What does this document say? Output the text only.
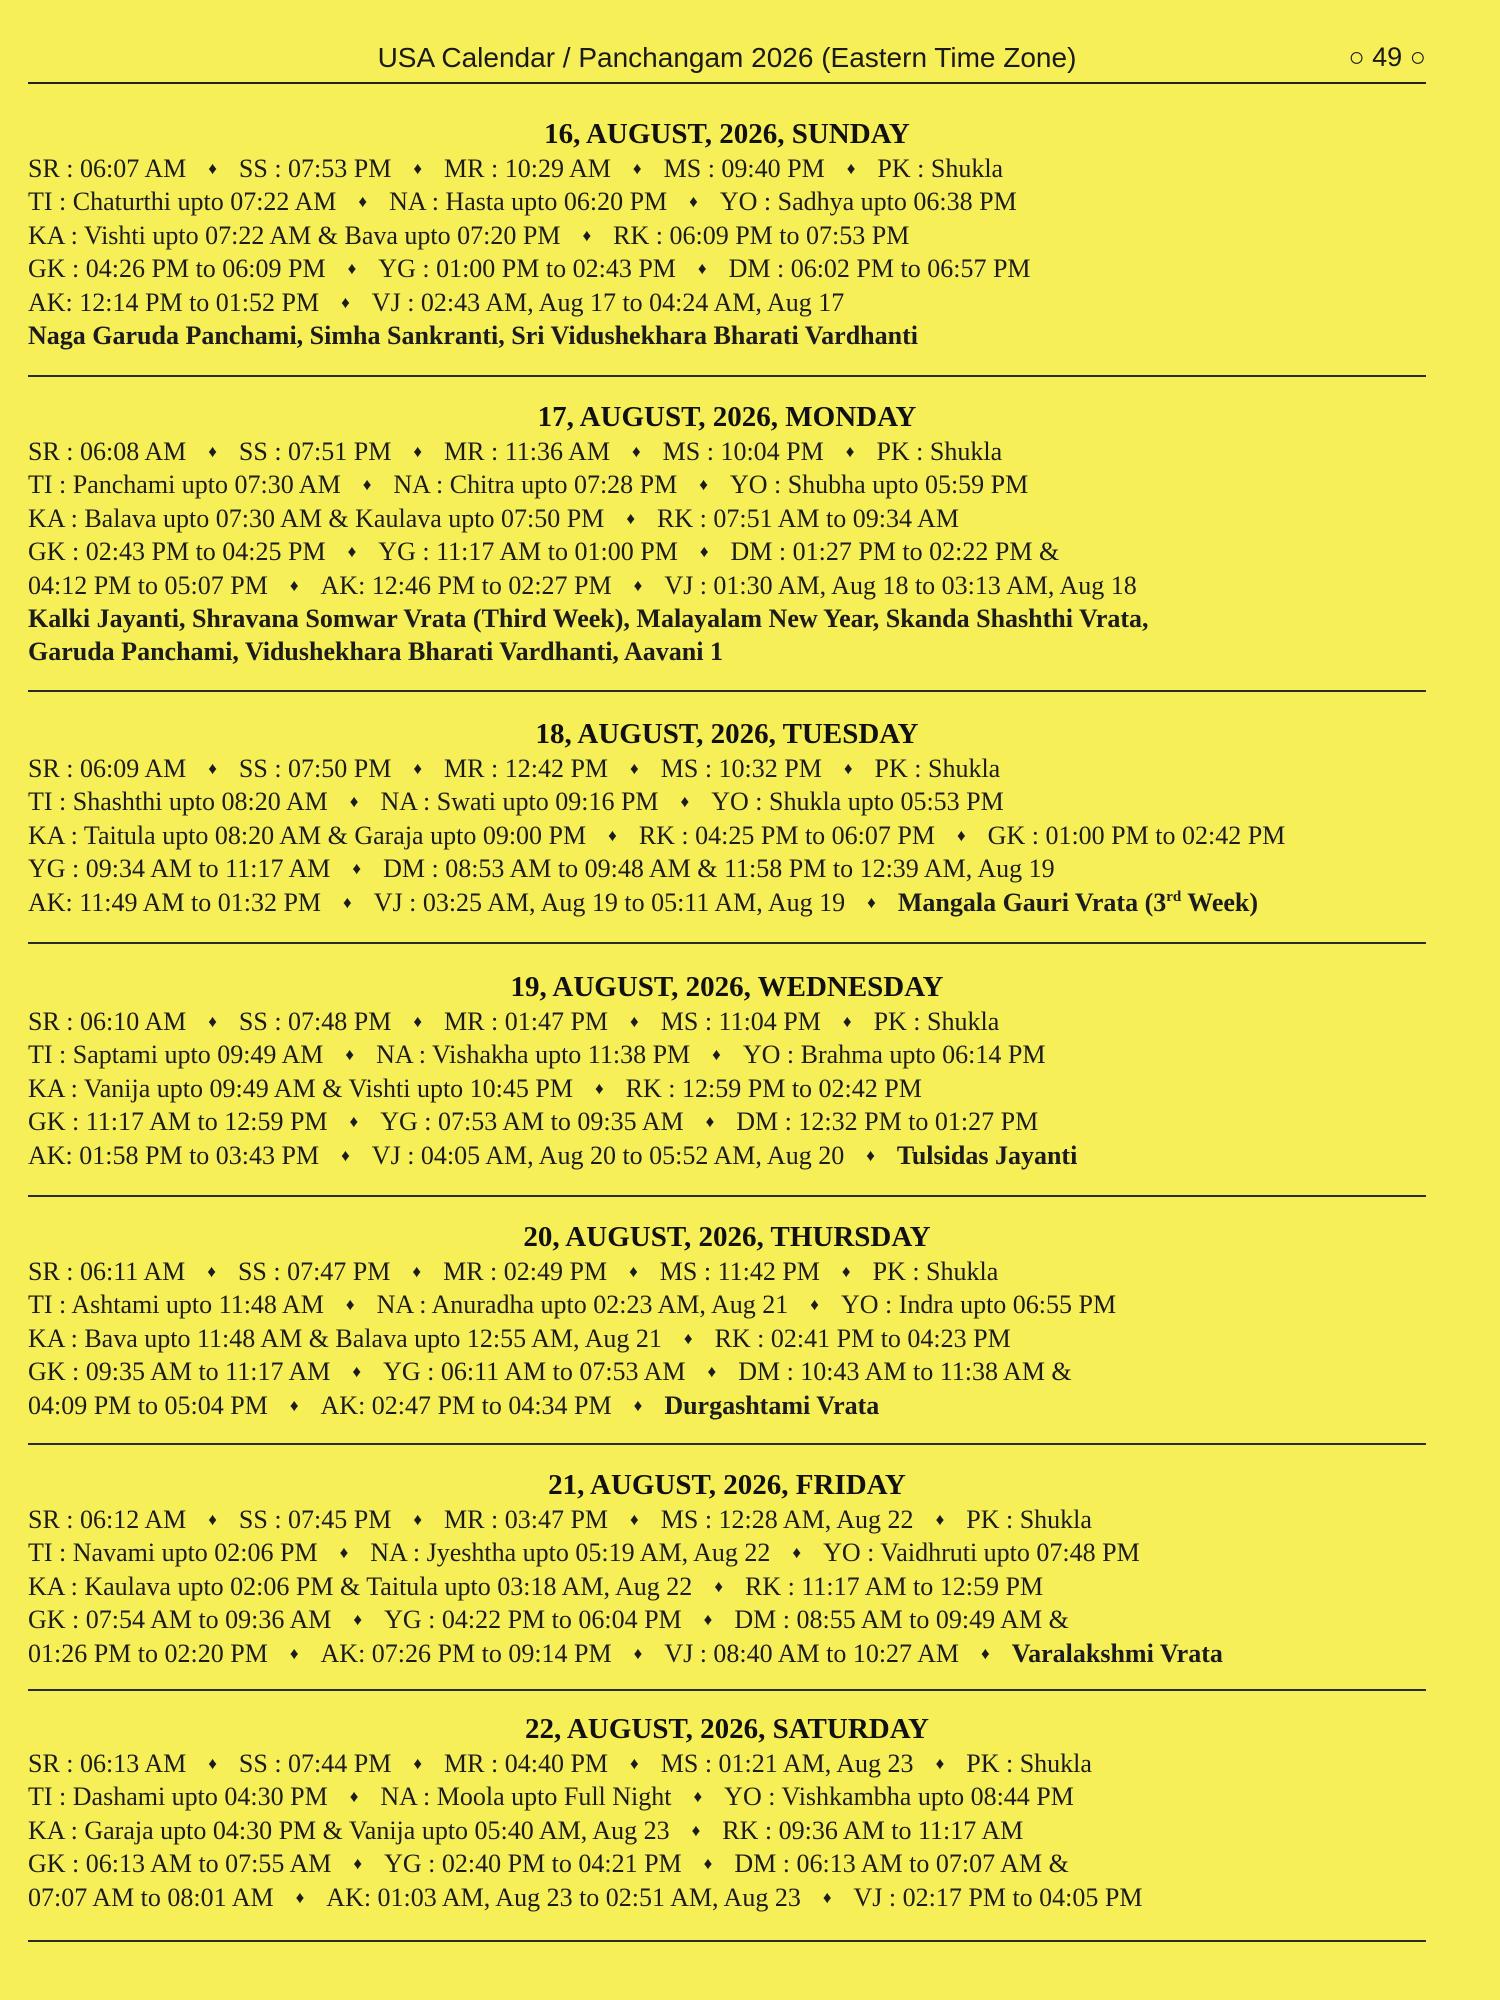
USA Calendar / Panchangam 2026 (Eastern Time Zone)	○ 49 ○
16, AUGUST, 2026, SUNDAY
SR : 06:07 AM ♦ SS : 07:53 PM ♦ MR : 10:29 AM ♦ MS : 09:40 PM ♦ PK : Shukla
TI : Chaturthi upto 07:22 AM ♦ NA : Hasta upto 06:20 PM ♦ YO : Sadhya upto 06:38 PM
KA : Vishti upto 07:22 AM & Bava upto 07:20 PM ♦ RK : 06:09 PM to 07:53 PM
GK : 04:26 PM to 06:09 PM ♦ YG : 01:00 PM to 02:43 PM ♦ DM : 06:02 PM to 06:57 PM
AK: 12:14 PM to 01:52 PM ♦ VJ : 02:43 AM, Aug 17 to 04:24 AM, Aug 17
Naga Garuda Panchami, Simha Sankranti, Sri Vidushekhara Bharati Vardhanti
17, AUGUST, 2026, MONDAY
SR : 06:08 AM ♦ SS : 07:51 PM ♦ MR : 11:36 AM ♦ MS : 10:04 PM ♦ PK : Shukla
TI : Panchami upto 07:30 AM ♦ NA : Chitra upto 07:28 PM ♦ YO : Shubha upto 05:59 PM
KA : Balava upto 07:30 AM & Kaulava upto 07:50 PM ♦ RK : 07:51 AM to 09:34 AM
GK : 02:43 PM to 04:25 PM ♦ YG : 11:17 AM to 01:00 PM ♦ DM : 01:27 PM to 02:22 PM &
04:12 PM to 05:07 PM ♦ AK: 12:46 PM to 02:27 PM ♦ VJ : 01:30 AM, Aug 18 to 03:13 AM, Aug 18
Kalki Jayanti, Shravana Somwar Vrata (Third Week), Malayalam New Year, Skanda Shashthi Vrata,
Garuda Panchami, Vidushekhara Bharati Vardhanti, Aavani 1
18, AUGUST, 2026, TUESDAY
SR : 06:09 AM ♦ SS : 07:50 PM ♦ MR : 12:42 PM ♦ MS : 10:32 PM ♦ PK : Shukla
TI : Shashthi upto 08:20 AM ♦ NA : Swati upto 09:16 PM ♦ YO : Shukla upto 05:53 PM
KA : Taitula upto 08:20 AM & Garaja upto 09:00 PM ♦ RK : 04:25 PM to 06:07 PM ♦ GK : 01:00 PM to 02:42 PM
YG : 09:34 AM to 11:17 AM ♦ DM : 08:53 AM to 09:48 AM & 11:58 PM to 12:39 AM, Aug 19
AK: 11:49 AM to 01:32 PM ♦ VJ : 03:25 AM, Aug 19 to 05:11 AM, Aug 19 ♦ Mangala Gauri Vrata (3rd Week)
19, AUGUST, 2026, WEDNESDAY
SR : 06:10 AM ♦ SS : 07:48 PM ♦ MR : 01:47 PM ♦ MS : 11:04 PM ♦ PK : Shukla
TI : Saptami upto 09:49 AM ♦ NA : Vishakha upto 11:38 PM ♦ YO : Brahma upto 06:14 PM
KA : Vanija upto 09:49 AM & Vishti upto 10:45 PM ♦ RK : 12:59 PM to 02:42 PM
GK : 11:17 AM to 12:59 PM ♦ YG : 07:53 AM to 09:35 AM ♦ DM : 12:32 PM to 01:27 PM
AK: 01:58 PM to 03:43 PM ♦ VJ : 04:05 AM, Aug 20 to 05:52 AM, Aug 20 ♦ Tulsidas Jayanti
20, AUGUST, 2026, THURSDAY
SR : 06:11 AM ♦ SS : 07:47 PM ♦ MR : 02:49 PM ♦ MS : 11:42 PM ♦ PK : Shukla
TI : Ashtami upto 11:48 AM ♦ NA : Anuradha upto 02:23 AM, Aug 21 ♦ YO : Indra upto 06:55 PM
KA : Bava upto 11:48 AM & Balava upto 12:55 AM, Aug 21 ♦ RK : 02:41 PM to 04:23 PM
GK : 09:35 AM to 11:17 AM ♦ YG : 06:11 AM to 07:53 AM ♦ DM : 10:43 AM to 11:38 AM &
04:09 PM to 05:04 PM ♦ AK: 02:47 PM to 04:34 PM ♦ Durgashtami Vrata
21, AUGUST, 2026, FRIDAY
SR : 06:12 AM ♦ SS : 07:45 PM ♦ MR : 03:47 PM ♦ MS : 12:28 AM, Aug 22 ♦ PK : Shukla
TI : Navami upto 02:06 PM ♦ NA : Jyeshtha upto 05:19 AM, Aug 22 ♦ YO : Vaidhruti upto 07:48 PM
KA : Kaulava upto 02:06 PM & Taitula upto 03:18 AM, Aug 22 ♦ RK : 11:17 AM to 12:59 PM
GK : 07:54 AM to 09:36 AM ♦ YG : 04:22 PM to 06:04 PM ♦ DM : 08:55 AM to 09:49 AM &
01:26 PM to 02:20 PM ♦ AK: 07:26 PM to 09:14 PM ♦ VJ : 08:40 AM to 10:27 AM ♦ Varalakshmi Vrata
22, AUGUST, 2026, SATURDAY
SR : 06:13 AM ♦ SS : 07:44 PM ♦ MR : 04:40 PM ♦ MS : 01:21 AM, Aug 23 ♦ PK : Shukla
TI : Dashami upto 04:30 PM ♦ NA : Moola upto Full Night ♦ YO : Vishkambha upto 08:44 PM
KA : Garaja upto 04:30 PM & Vanija upto 05:40 AM, Aug 23 ♦ RK : 09:36 AM to 11:17 AM
GK : 06:13 AM to 07:55 AM ♦ YG : 02:40 PM to 04:21 PM ♦ DM : 06:13 AM to 07:07 AM &
07:07 AM to 08:01 AM ♦ AK: 01:03 AM, Aug 23 to 02:51 AM, Aug 23 ♦ VJ : 02:17 PM to 04:05 PM
